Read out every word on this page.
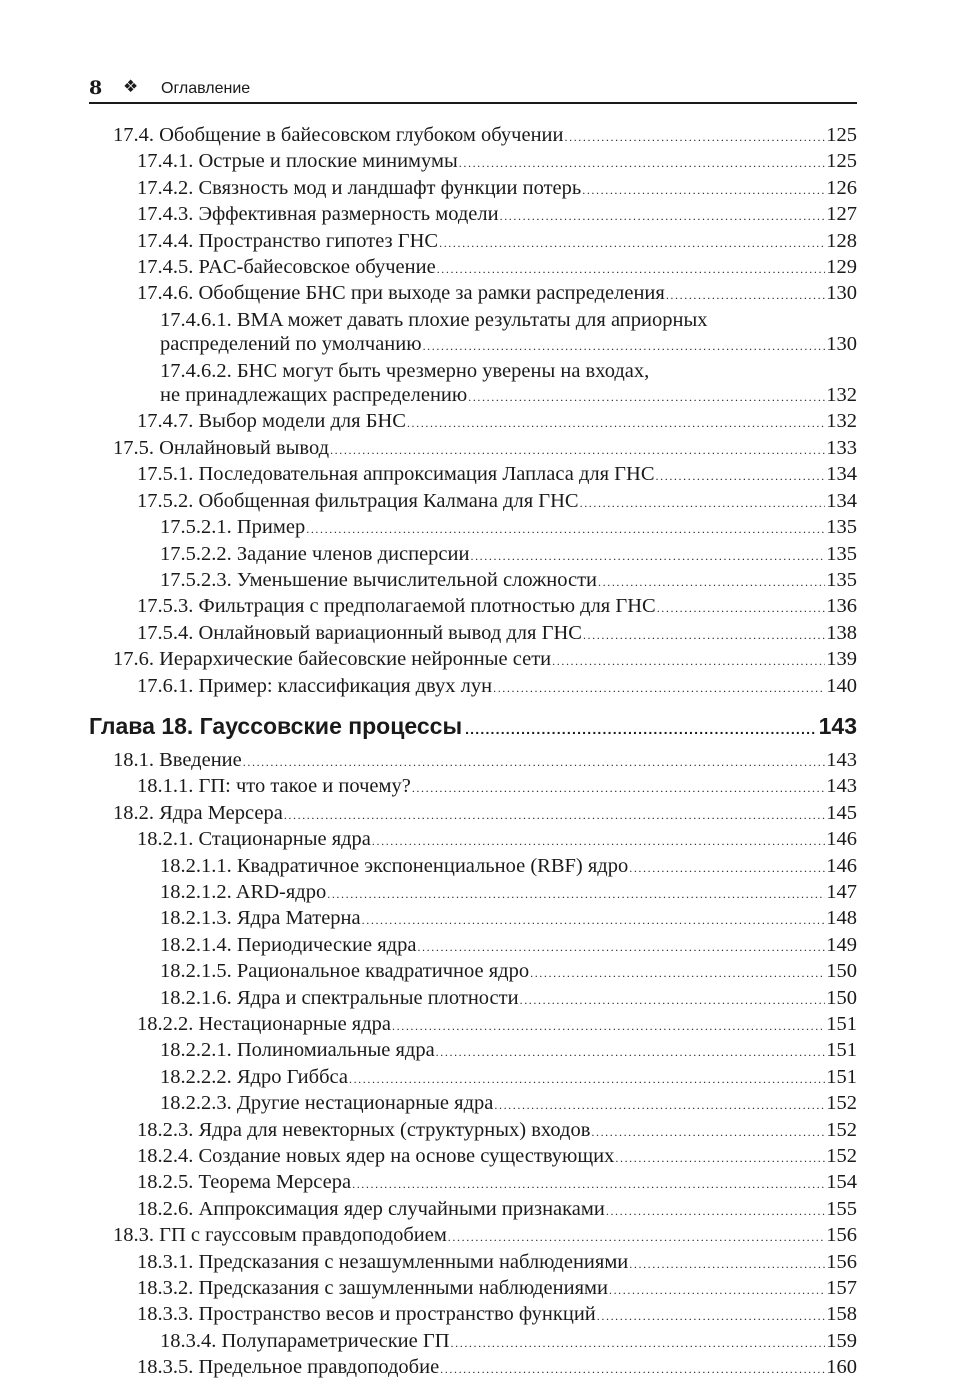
8 ❖ Оглавление
17.4. Обобщение в байесовском глубоком обучении .....	125
17.4.1. Острые и плоские минимумы .....	125
17.4.2. Связность мод и ландшафт функции потерь .....	126
17.4.3. Эффективная размерность модели .....	127
17.4.4. Пространство гипотез ГНС .....	128
17.4.5. PAC-байесовское обучение .....	129
17.4.6. Обобщение БНС при выходе за рамки распределения .....	130
17.4.6.1. BMA может давать плохие результаты для априорных
распределений по умолчанию .....	130
17.4.6.2. БНС могут быть чрезмерно уверены на входах,
не принадлежащих распределению .....	132
17.4.7. Выбор модели для БНС .....	132
17.5. Онлайновый вывод .....	133
17.5.1. Последовательная аппроксимация Лапласа для ГНС .....	134
17.5.2. Обобщенная фильтрация Калмана для ГНС .....	134
17.5.2.1. Пример .....	135
17.5.2.2. Задание членов дисперсии .....	135
17.5.2.3. Уменьшение вычислительной сложности .....	135
17.5.3. Фильтрация с предполагаемой плотностью для ГНС .....	136
17.5.4. Онлайновый вариационный вывод для ГНС .....	138
17.6. Иерархические байесовские нейронные сети .....	139
17.6.1. Пример: классификация двух лун .....	140
Глава 18. Гауссовские процессы .....	143
18.1. Введение .....	143
18.1.1. ГП: что такое и почему? .....	143
18.2. Ядра Мерсера .....	145
18.2.1. Стационарные ядра .....	146
18.2.1.1. Квадратичное экспоненциальное (RBF) ядро .....	146
18.2.1.2. ARD-ядро .....	147
18.2.1.3. Ядра Матерна .....	148
18.2.1.4. Периодические ядра .....	149
18.2.1.5. Рациональное квадратичное ядро .....	150
18.2.1.6. Ядра и спектральные плотности .....	150
18.2.2. Нестационарные ядра .....	151
18.2.2.1. Полиномиальные ядра .....	151
18.2.2.2. Ядро Гиббса .....	151
18.2.2.3. Другие нестационарные ядра .....	152
18.2.3. Ядра для невекторных (структурных) входов .....	152
18.2.4. Создание новых ядер на основе существующих .....	152
18.2.5. Теорема Мерсера .....	154
18.2.6. Аппроксимация ядер случайными признаками .....	155
18.3. ГП с гауссовым правдоподобием .....	156
18.3.1. Предсказания с незашумленными наблюдениями .....	156
18.3.2. Предсказания с зашумленными наблюдениями .....	157
18.3.3. Пространство весов и пространство функций .....	158
18.3.4. Полупараметрические ГП .....	159
18.3.5. Предельное правдоподобие .....	160
